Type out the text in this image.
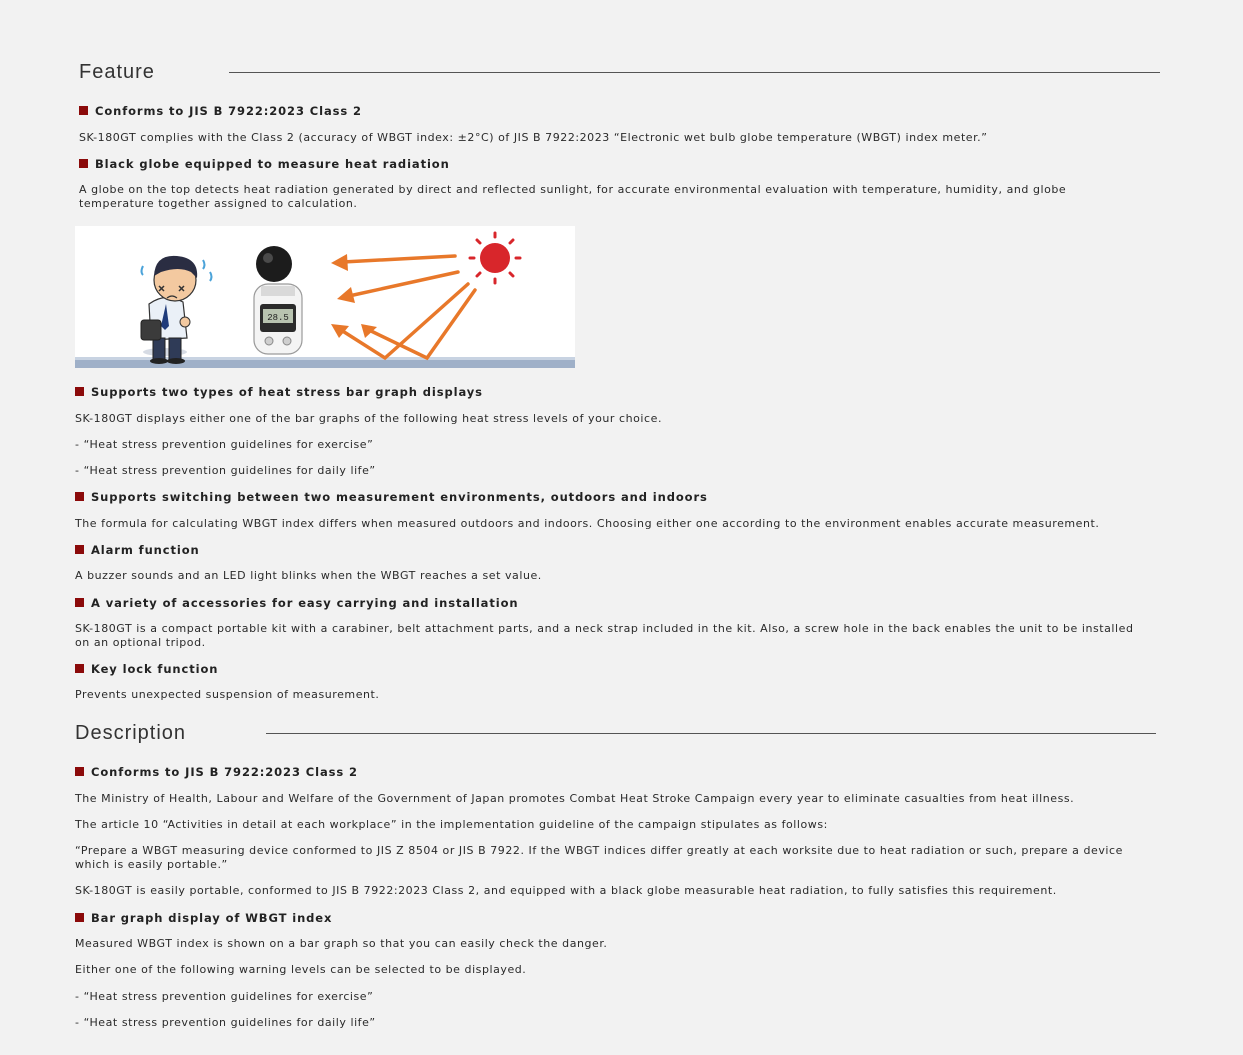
Feature
Conforms to JIS B 7922:2023 Class 2

SK-180GT complies with the Class 2 (accuracy of WBGT index: ±2°C) of JIS B 7922:2023 “Electronic wet bulb globe temperature (WBGT) index meter.”

Black globe equipped to measure heat radiation

A globe on the top detects heat radiation generated by direct and reflected sunlight, for accurate environmental evaluation with temperature, humidity, and globe temperature together assigned to calculation.

28.5
Supports two types of heat stress bar graph displays

SK-180GT displays either one of the bar graphs of the following heat stress levels of your choice.

- “Heat stress prevention guidelines for exercise”

- “Heat stress prevention guidelines for daily life”

Supports switching between two measurement environments, outdoors and indoors

The formula for calculating WBGT index differs when measured outdoors and indoors. Choosing either one according to the environment enables accurate measurement.

Alarm function

A buzzer sounds and an LED light blinks when the WBGT reaches a set value.

A variety of accessories for easy carrying and installation

SK-180GT is a compact portable kit with a carabiner, belt attachment parts, and a neck strap included in the kit. Also, a screw hole in the back enables the unit to be installed on an optional tripod.

Key lock function

Prevents unexpected suspension of measurement.

Description
Conforms to JIS B 7922:2023 Class 2

The Ministry of Health, Labour and Welfare of the Government of Japan promotes Combat Heat Stroke Campaign every year to eliminate casualties from heat illness.

The article 10 “Activities in detail at each workplace” in the implementation guideline of the campaign stipulates as follows:

“Prepare a WBGT measuring device conformed to JIS Z 8504 or JIS B 7922. If the WBGT indices differ greatly at each worksite due to heat radiation or such, prepare a device which is easily portable.”

SK-180GT is easily portable, conformed to JIS B 7922:2023 Class 2, and equipped with a black globe measurable heat radiation, to fully satisfies this requirement.

Bar graph display of WBGT index

Measured WBGT index is shown on a bar graph so that you can easily check the danger.

Either one of the following warning levels can be selected to be displayed.

- “Heat stress prevention guidelines for exercise”

- “Heat stress prevention guidelines for daily life”
